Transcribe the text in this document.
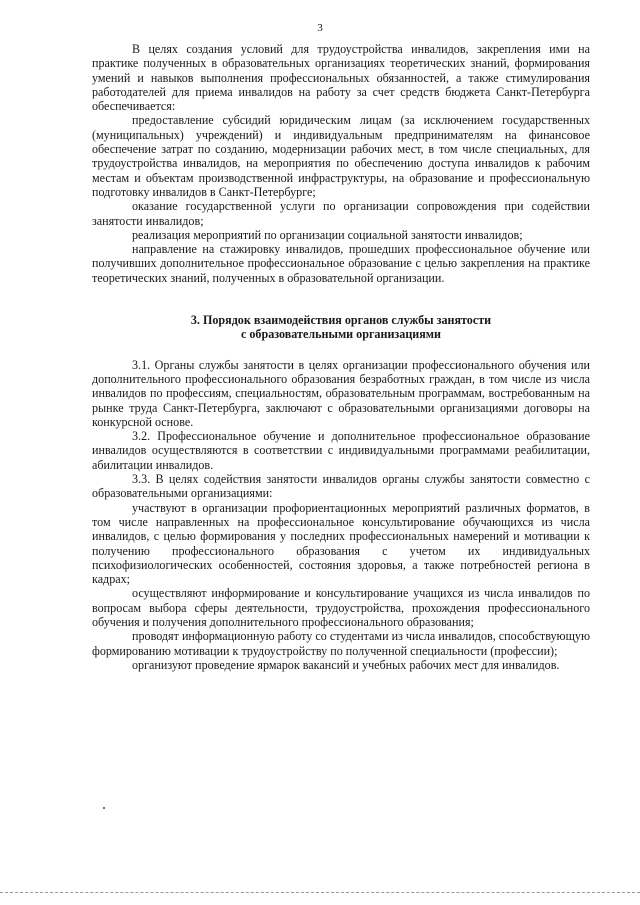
3

В целях создания условий для трудоустройства инвалидов, закрепления ими на практике полученных в образовательных организациях теоретических знаний, формирования умений и навыков выполнения профессиональных обязанностей, а также стимулирования работодателей для приема инвалидов на работу за счет средств бюджета Санкт-Петербурга обеспечивается:

предоставление субсидий юридическим лицам (за исключением государственных (муниципальных) учреждений) и индивидуальным предпринимателям на финансовое обеспечение затрат по созданию, модернизации рабочих мест, в том числе специальных, для трудоустройства инвалидов, на мероприятия по обеспечению доступа инвалидов к рабочим местам и объектам производственной инфраструктуры, на образование и профессиональную подготовку инвалидов в Санкт-Петербурге;

оказание государственной услуги по организации сопровождения при содействии занятости инвалидов;

реализация мероприятий по организации социальной занятости инвалидов;

направление на стажировку инвалидов, прошедших профессиональное обучение или получивших дополнительное профессиональное образование с целью закрепления на практике теоретических знаний, полученных в образовательной организации.

3. Порядок взаимодействия органов службы занятости
с образовательными организациями

3.1. Органы службы занятости в целях организации профессионального обучения или дополнительного профессионального образования безработных граждан, в том числе из числа инвалидов по профессиям, специальностям, образовательным программам, востребованным на рынке труда Санкт-Петербурга, заключают с образовательными организациями договоры на конкурсной основе.

3.2. Профессиональное обучение и дополнительное профессиональное образование инвалидов осуществляются в соответствии с индивидуальными программами реабилитации, абилитации инвалидов.

3.3. В целях содействия занятости инвалидов органы службы занятости совместно с образовательными организациями:

участвуют в организации профориентационных мероприятий различных форматов, в том числе направленных на профессиональное консультирование обучающихся из числа инвалидов, с целью формирования у последних профессиональных намерений и мотивации к получению профессионального образования с учетом их индивидуальных психофизиологических особенностей, состояния здоровья, а также потребностей региона в кадрах;

осуществляют информирование и консультирование учащихся из числа инвалидов по вопросам выбора сферы деятельности, трудоустройства, прохождения профессионального обучения и получения дополнительного профессионального образования;

проводят информационную работу со студентами из числа инвалидов, способствующую формированию мотивации к трудоустройству по полученной специальности (профессии);

организуют проведение ярмарок вакансий и учебных рабочих мест для инвалидов.
